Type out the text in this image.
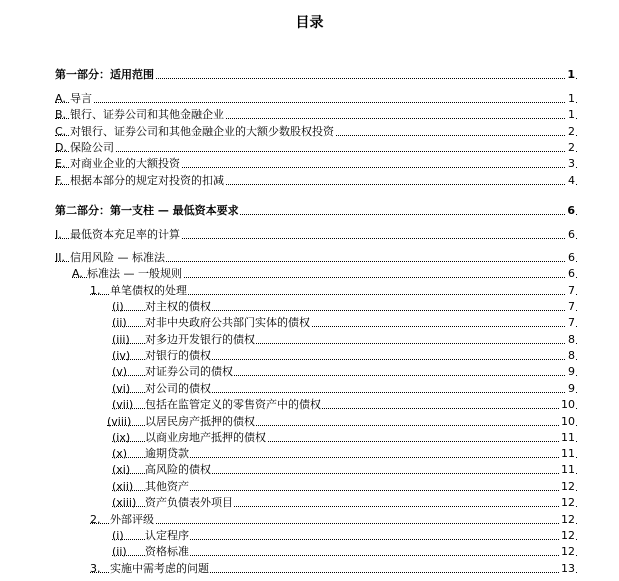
目录
第一部分：适用范围	1
A. 导言	1
B. 银行、证券公司和其他金融企业	1
C. 对银行、证券公司和其他金融企业的大额少数股权投资	2
D. 保险公司	2
E. 对商业企业的大额投资	3
F. 根据本部分的规定对投资的扣减	4
第二部分：第一支柱 — 最低资本要求	6
I. 最低资本充足率的计算	6
II. 信用风险 — 标准法	6
A. 标准法 — 一般规则	6
1. 单笔债权的处理	7
(i) 对主权的债权	7
(ii) 对非中央政府公共部门实体的债权	7
(iii) 对多边开发银行的债权	8
(iv) 对银行的债权	8
(v) 对证券公司的债权	9
(vi) 对公司的债权	9
(vii) 包括在监管定义的零售资产中的债权	10
(viii) 以居民房产抵押的债权	10
(ix) 以商业房地产抵押的债权	11
(x) 逾期贷款	11
(xi) 高风险的债权	11
(xii) 其他资产	12
(xiii) 资产负债表外项目	12
2. 外部评级	12
(i) 认定程序	12
(ii) 资格标准	12
3. 实施中需考虑的问题	13
